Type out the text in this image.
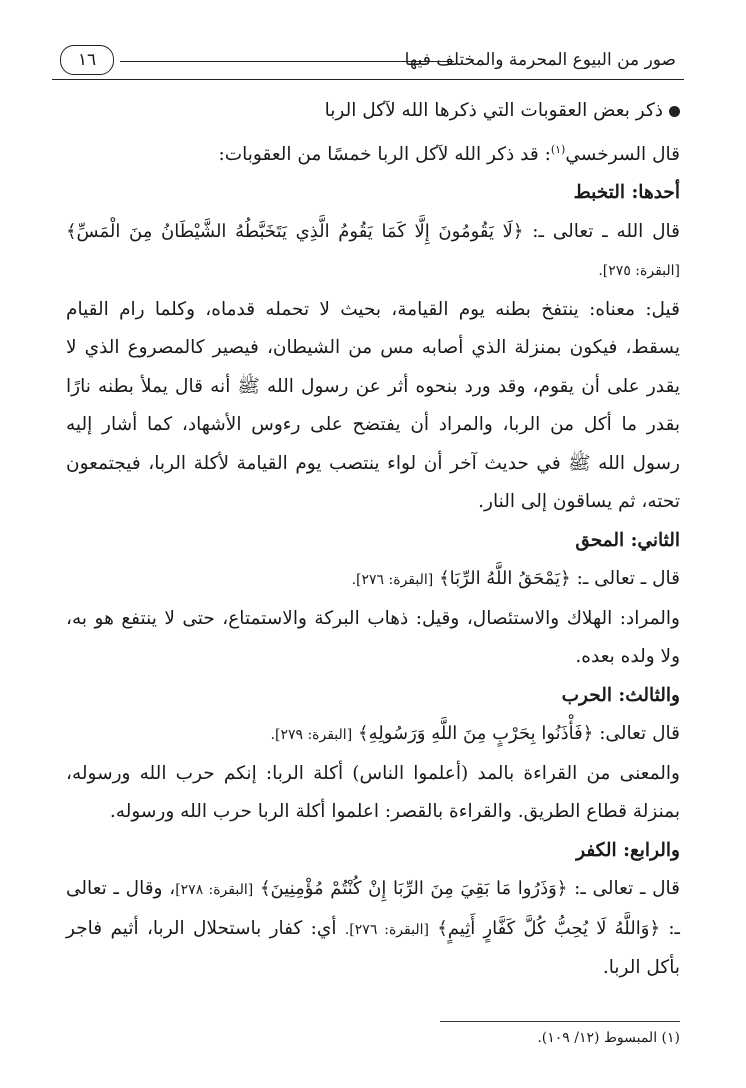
١٦	صور من البيوع المحرمة والمختلف فيها

ذكر بعض العقوبات التي ذكرها الله لآكل الربا

قال السرخسي$^{(١)}$: قد ذكر الله لآكل الربا خمسًا من العقوبات:

أحدها: التخبط

قال الله ـ تعالى ـ: ﴿لَا يَقُومُونَ إِلَّا كَمَا يَقُومُ الَّذِي يَتَخَبَّطُهُ الشَّيْطَانُ مِنَ الْمَسِّ﴾ [البقرة: ٢٧٥].

قيل: معناه: ينتفخ بطنه يوم القيامة، بحيث لا تحمله قدماه، وكلما رام القيام يسقط، فيكون بمنزلة الذي أصابه مس من الشيطان، فيصير كالمصروع الذي لا يقدر على أن يقوم، وقد ورد بنحوه أثر عن رسول الله ﷺ أنه قال يملأ بطنه نارًا بقدر ما أكل من الربا، والمراد أن يفتضح على رءوس الأشهاد، كما أشار إليه رسول الله ﷺ في حديث آخر أن لواء ينتصب يوم القيامة لأكلة الربا، فيجتمعون تحته، ثم يساقون إلى النار.

الثاني: المحق

قال ـ تعالى ـ: ﴿يَمْحَقُ اللَّهُ الرِّبَا﴾ [البقرة: ٢٧٦].

والمراد: الهلاك والاستئصال، وقيل: ذهاب البركة والاستمتاع، حتى لا ينتفع هو به، ولا ولده بعده.

والثالث: الحرب

قال تعالى: ﴿فَأْذَنُوا بِحَرْبٍ مِنَ اللَّهِ وَرَسُولِهِ﴾ [البقرة: ٢٧٩].

والمعنى من القراءة بالمد (أعلموا الناس) أكلة الربا: إنكم حرب الله ورسوله، بمنزلة قطاع الطريق. والقراءة بالقصر: اعلموا أكلة الربا حرب الله ورسوله.

والرابع: الكفر

قال ـ تعالى ـ: ﴿وَذَرُوا مَا بَقِيَ مِنَ الرِّبَا إِنْ كُنْتُمْ مُؤْمِنِينَ﴾ [البقرة: ٢٧٨]، وقال ـ تعالى ـ: ﴿وَاللَّهُ لَا يُحِبُّ كُلَّ كَفَّارٍ أَثِيمٍ﴾ [البقرة: ٢٧٦]. أي: كفار باستحلال الربا، أثيم فاجر بأكل الربا.

(١) المبسوط (١٢/ ١٠٩).
